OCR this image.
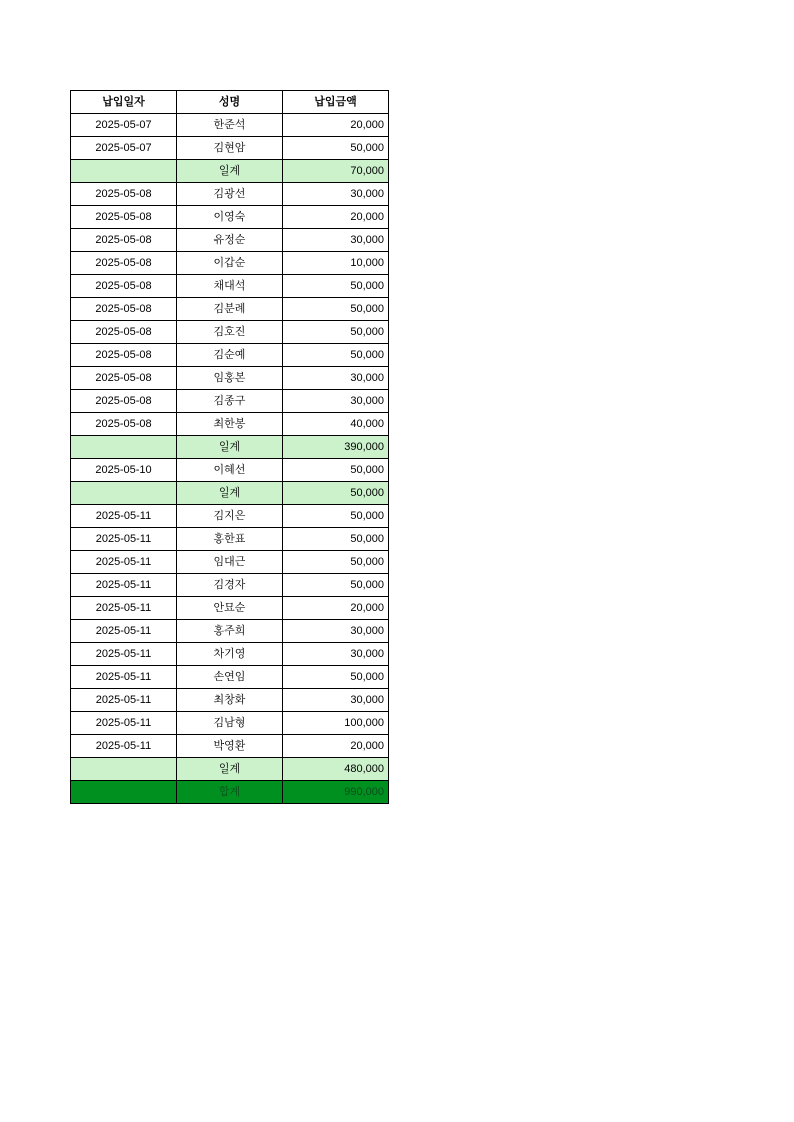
납입일자	성명	납입금액
2025-05-07	한준석	20,000
2025-05-07	김현암	50,000
	일계	70,000
2025-05-08	김광선	30,000
2025-05-08	이영숙	20,000
2025-05-08	유정순	30,000
2025-05-08	이갑순	10,000
2025-05-08	채대석	50,000
2025-05-08	김분례	50,000
2025-05-08	김호진	50,000
2025-05-08	김순예	50,000
2025-05-08	임홍본	30,000
2025-05-08	김종구	30,000
2025-05-08	최한봉	40,000
	일계	390,000
2025-05-10	이혜선	50,000
	일계	50,000
2025-05-11	김지은	50,000
2025-05-11	홍한표	50,000
2025-05-11	임대근	50,000
2025-05-11	김경자	50,000
2025-05-11	안묘순	20,000
2025-05-11	홍주희	30,000
2025-05-11	차기영	30,000
2025-05-11	손연임	50,000
2025-05-11	최창화	30,000
2025-05-11	김남형	100,000
2025-05-11	박영환	20,000
	일계	480,000
	합계	990,000
